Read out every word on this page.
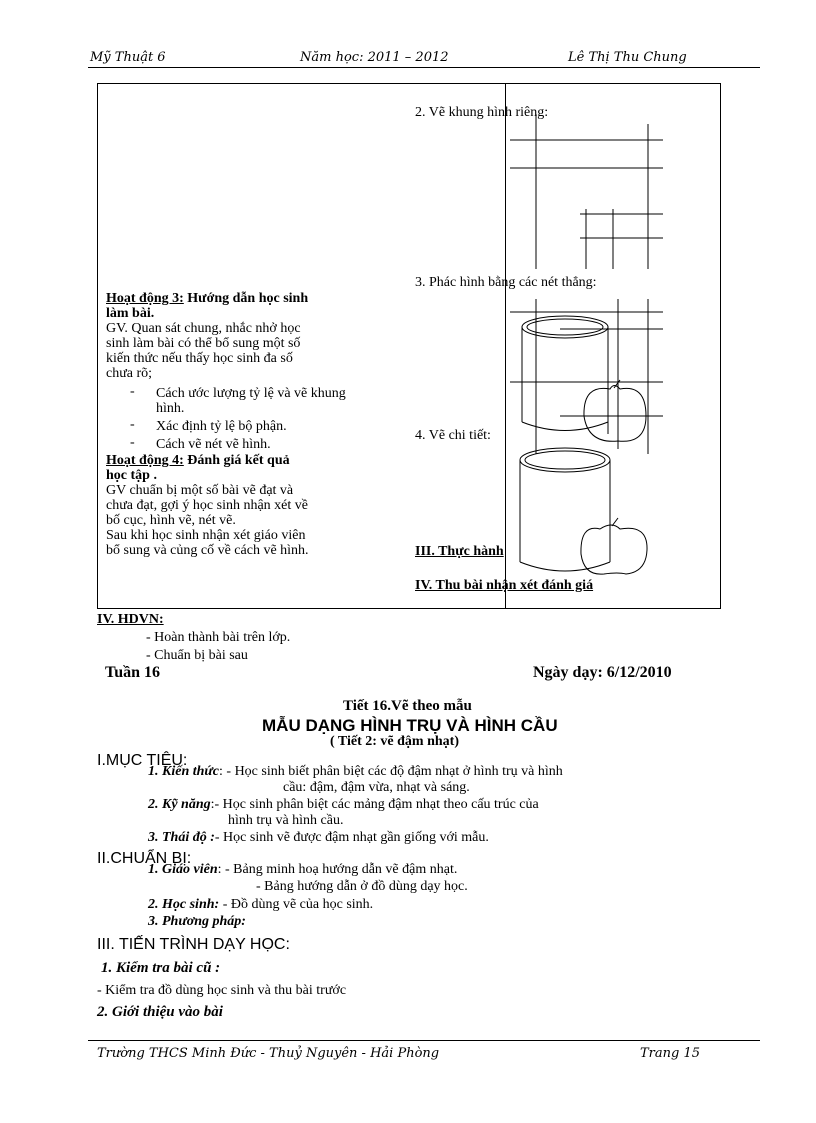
Mỹ Thuật 6	Năm học: 2011 – 2012	Lê Thị Thu Chung

Hoạt động 3: Hướng dẫn học sinh

làm bài.

GV. Quan sát chung, nhắc nhở học

sinh làm bài có thể bổ sung một số

kiến thức nếu thấy học sinh đa số

chưa rõ;

- Cách ước lượng tỷ lệ và vẽ khung
hình.

- Xác định tỷ lệ bộ phận.

- Cách vẽ nét vẽ hình.

Hoạt động 4: Đánh giá kết quả

học tập .

GV chuẩn bị một số bài vẽ đạt và

chưa đạt, gợi ý học sinh nhận xét về

bố cục, hình vẽ, nét vẽ.

Sau khi học sinh nhận xét giáo viên

bổ sung và củng cố về cách vẽ hình.

2. Vẽ khung hình riêng:
3. Phác hình bằng các nét thẳng:
4. Vẽ chi tiết:
III. Thực hành
IV. Thu bài nhận xét đánh giá
IV. HDVN:
- Hoàn thành bài trên lớp.
- Chuẩn bị bài sau
Tuần 16	Ngày dạy: 6/12/2010
Tiết 16.Vẽ theo mẫu
MẪU DẠNG HÌNH TRỤ VÀ HÌNH CẦU
( Tiết 2: vẽ đậm nhạt)
I.MỤC TIÊU:
1. Kiến thức: - Học sinh biết phân biệt các độ đậm nhạt ở hình trụ và hình
cầu: đậm, đậm vừa, nhạt và sáng.
2. Kỹ năng:- Học sinh phân biệt các mảng đậm nhạt theo cấu trúc của
hình trụ và hình cầu.
3. Thái độ :- Học sinh vẽ được đậm nhạt gần giống với mẫu.
II.CHUẨN BỊ:
1. Giáo viên: - Bảng minh hoạ hướng dẫn vẽ đậm nhạt.
- Bảng hướng dẫn ở đồ dùng dạy học.
2. Học sinh: - Đồ dùng vẽ của học sinh.
3. Phương pháp:
III. TIẾN TRÌNH DẠY HỌC:
1. Kiểm tra bài cũ :
- Kiểm tra đồ dùng học sinh và thu bài trước
2. Giới thiệu vào bài
Trường THCS Minh Đức - Thuỷ Nguyên - Hải Phòng	Trang 15
